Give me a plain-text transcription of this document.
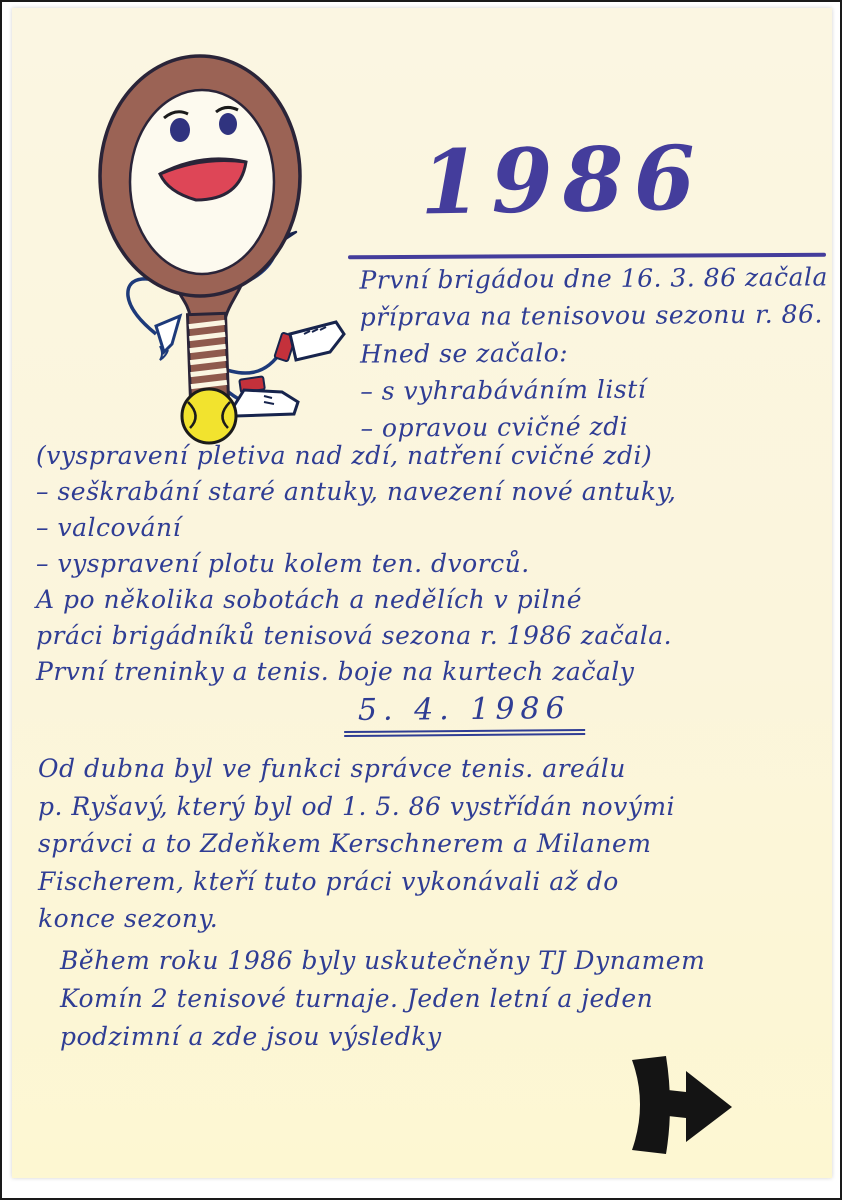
1986
První brigádou dne 16. 3. 86 začala
příprava na tenisovou sezonu r. 86.
Hned se začalo:
– s vyhrabáváním listí
– opravou cvičné zdi
(vyspravení pletiva nad zdí, natření cvičné zdi)
– seškrabání staré antuky, navezení nové antuky,
– valcování
– vyspravení plotu kolem ten. dvorců.
A po několika sobotách a nedělích v pilné
práci brigádníků tenisová sezona r. 1986 začala.
První treninky a tenis. boje na kurtech začaly
5. 4. 1986
Od dubna byl ve funkci správce tenis. areálu
p. Ryšavý, který byl od 1. 5. 86 vystřídán novými
správci a to Zdeňkem Kerschnerem a Milanem
Fischerem, kteří tuto práci vykonávali až do
konce sezony.
Během roku 1986 byly uskutečněny TJ Dynamem
Komín 2 tenisové turnaje. Jeden letní a jeden
podzimní a zde jsou výsledky
